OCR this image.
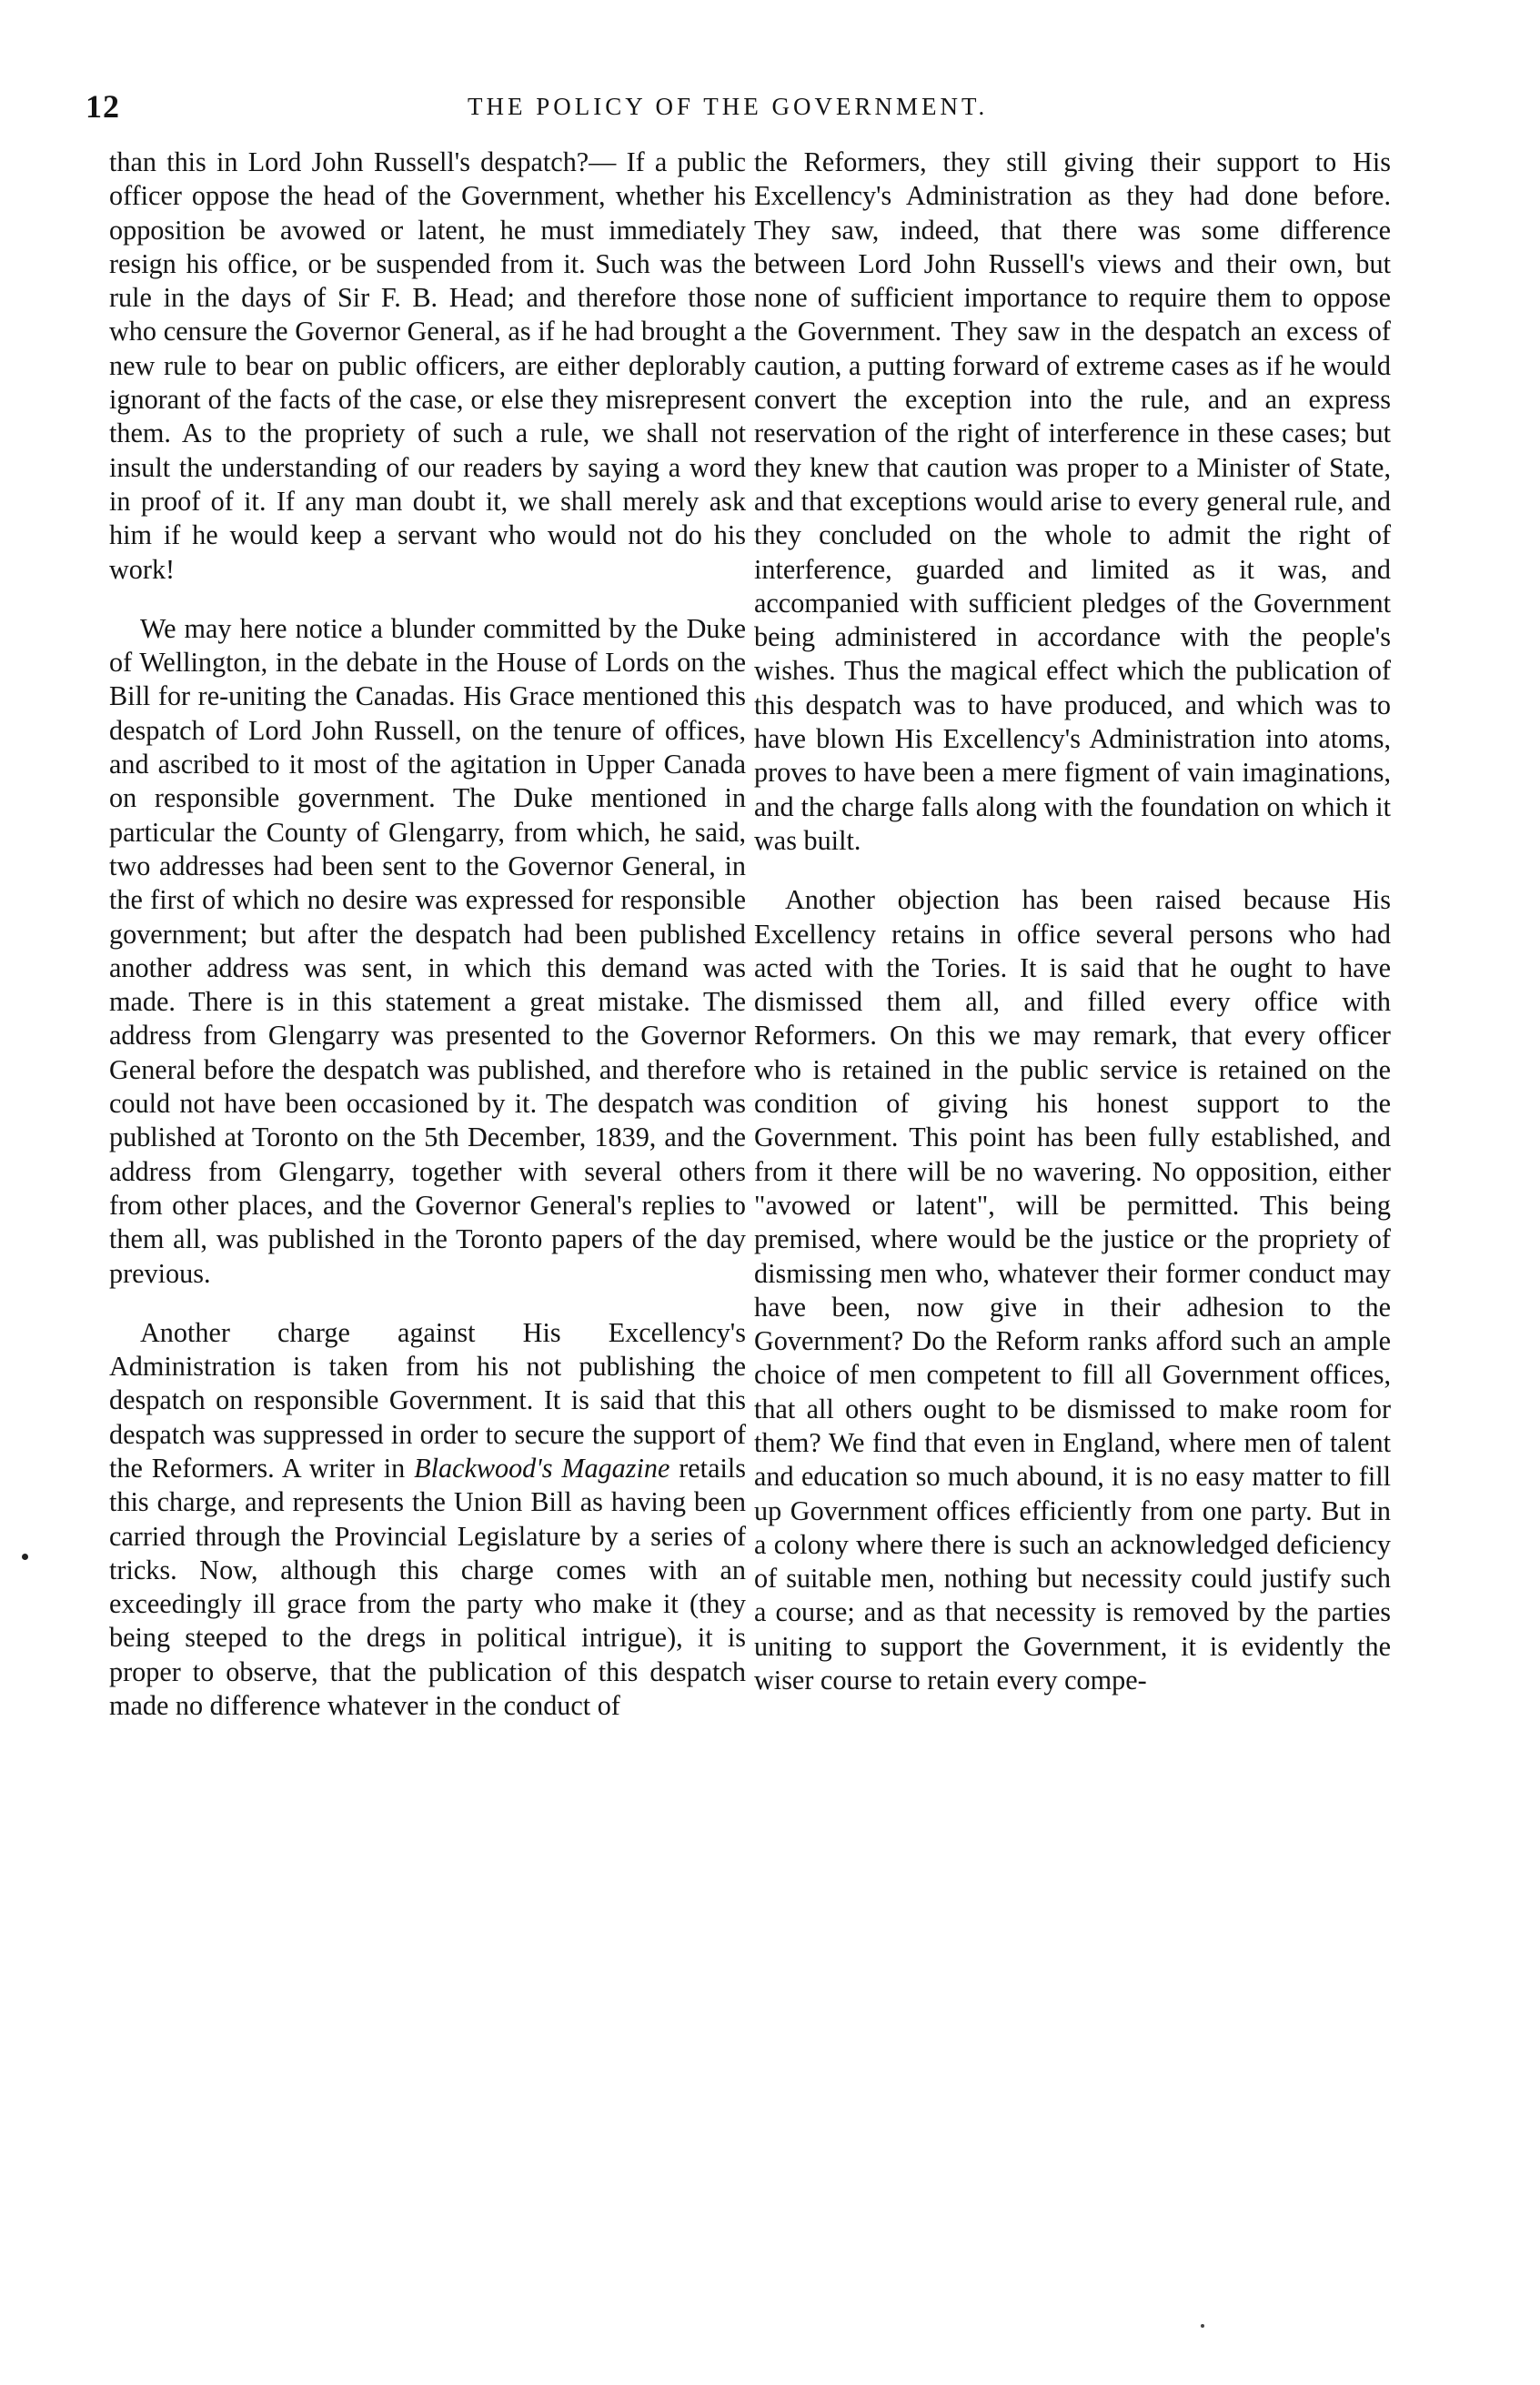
12	THE POLICY OF THE GOVERNMENT.

than this in Lord John Russell's despatch?— If a public officer oppose the head of the Government, whether his opposition be avowed or latent, he must immediately resign his office, or be suspended from it. Such was the rule in the days of Sir F. B. Head; and therefore those who censure the Governor General, as if he had brought a new rule to bear on public officers, are either deplorably ignorant of the facts of the case, or else they misrepresent them. As to the propriety of such a rule, we shall not insult the understanding of our readers by saying a word in proof of it. If any man doubt it, we shall merely ask him if he would keep a servant who would not do his work!

We may here notice a blunder committed by the Duke of Wellington, in the debate in the House of Lords on the Bill for re-uniting the Canadas. His Grace mentioned this despatch of Lord John Russell, on the tenure of offices, and ascribed to it most of the agitation in Upper Canada on responsible government. The Duke mentioned in particular the County of Glengarry, from which, he said, two addresses had been sent to the Governor General, in the first of which no desire was expressed for responsible government; but after the despatch had been published another address was sent, in which this demand was made. There is in this statement a great mistake. The address from Glengarry was presented to the Governor General before the despatch was published, and therefore could not have been occasioned by it. The despatch was published at Toronto on the 5th December, 1839, and the address from Glengarry, together with several others from other places, and the Governor General's replies to them all, was published in the Toronto papers of the day previous.

Another charge against His Excellency's Administration is taken from his not publishing the despatch on responsible Government. It is said that this despatch was suppressed in order to secure the support of the Reformers. A writer in Blackwood's Magazine retails this charge, and represents the Union Bill as having been carried through the Provincial Legislature by a series of tricks. Now, although this charge comes with an exceedingly ill grace from the party who make it (they being steeped to the dregs in political intrigue), it is proper to observe, that the publication of this despatch made no difference whatever in the conduct of

the Reformers, they still giving their support to His Excellency's Administration as they had done before. They saw, indeed, that there was some difference between Lord John Russell's views and their own, but none of sufficient importance to require them to oppose the Government. They saw in the despatch an excess of caution, a putting forward of extreme cases as if he would convert the exception into the rule, and an express reservation of the right of interference in these cases; but they knew that caution was proper to a Minister of State, and that exceptions would arise to every general rule, and they concluded on the whole to admit the right of interference, guarded and limited as it was, and accompanied with sufficient pledges of the Government being administered in accordance with the people's wishes. Thus the magical effect which the publication of this despatch was to have produced, and which was to have blown His Excellency's Administration into atoms, proves to have been a mere figment of vain imaginations, and the charge falls along with the foundation on which it was built.

Another objection has been raised because His Excellency retains in office several persons who had acted with the Tories. It is said that he ought to have dismissed them all, and filled every office with Reformers. On this we may remark, that every officer who is retained in the public service is retained on the condition of giving his honest support to the Government. This point has been fully established, and from it there will be no wavering. No opposition, either "avowed or latent", will be permitted. This being premised, where would be the justice or the propriety of dismissing men who, whatever their former conduct may have been, now give in their adhesion to the Government? Do the Reform ranks afford such an ample choice of men competent to fill all Government offices, that all others ought to be dismissed to make room for them? We find that even in England, where men of talent and education so much abound, it is no easy matter to fill up Government offices efficiently from one party. But in a colony where there is such an acknowledged deficiency of suitable men, nothing but necessity could justify such a course; and as that necessity is removed by the parties uniting to support the Government, it is evidently the wiser course to retain every compe-
